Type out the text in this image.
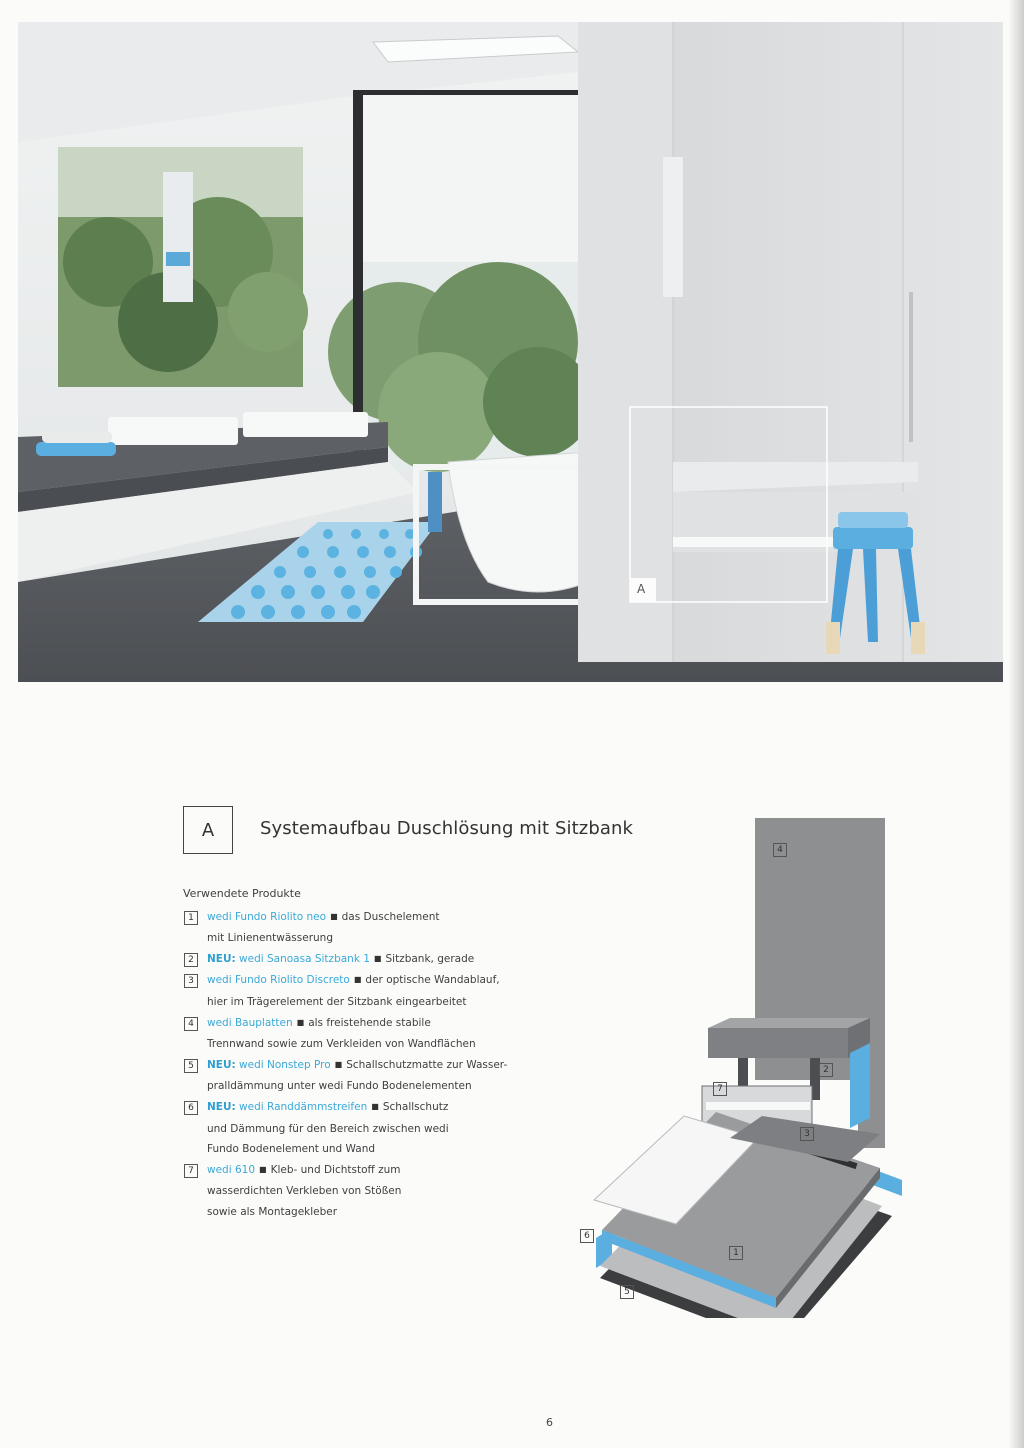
A
A	Systemaufbau Duschlösung mit Sitzbank
Verwendete Produkte
1	wedi Fundo Riolito neo ■ das Duschelement
mit Linienentwässerung
2	NEU: wedi Sanoasa Sitzbank 1 ■ Sitzbank, gerade
3	wedi Fundo Riolito Discreto ■ der optische Wandablauf,
hier im Trägerelement der Sitzbank eingearbeitet
4	wedi Bauplatten ■ als freistehende stabile
Trennwand sowie zum Verkleiden von Wandflächen
5	NEU: wedi Nonstep Pro ■ Schallschutzmatte zur Wasser-
pralldämmung unter wedi Fundo Bodenelementen
6	NEU: wedi Randdämmstreifen ■ Schallschutz
und Dämmung für den Bereich zwischen wedi
Fundo Bodenelement und Wand
7	wedi 610 ■ Kleb- und Dichtstoff zum
wasserdichten Verkleben von Stößen
sowie als Montagekleber
4
2
7
3
6
1
5
6
